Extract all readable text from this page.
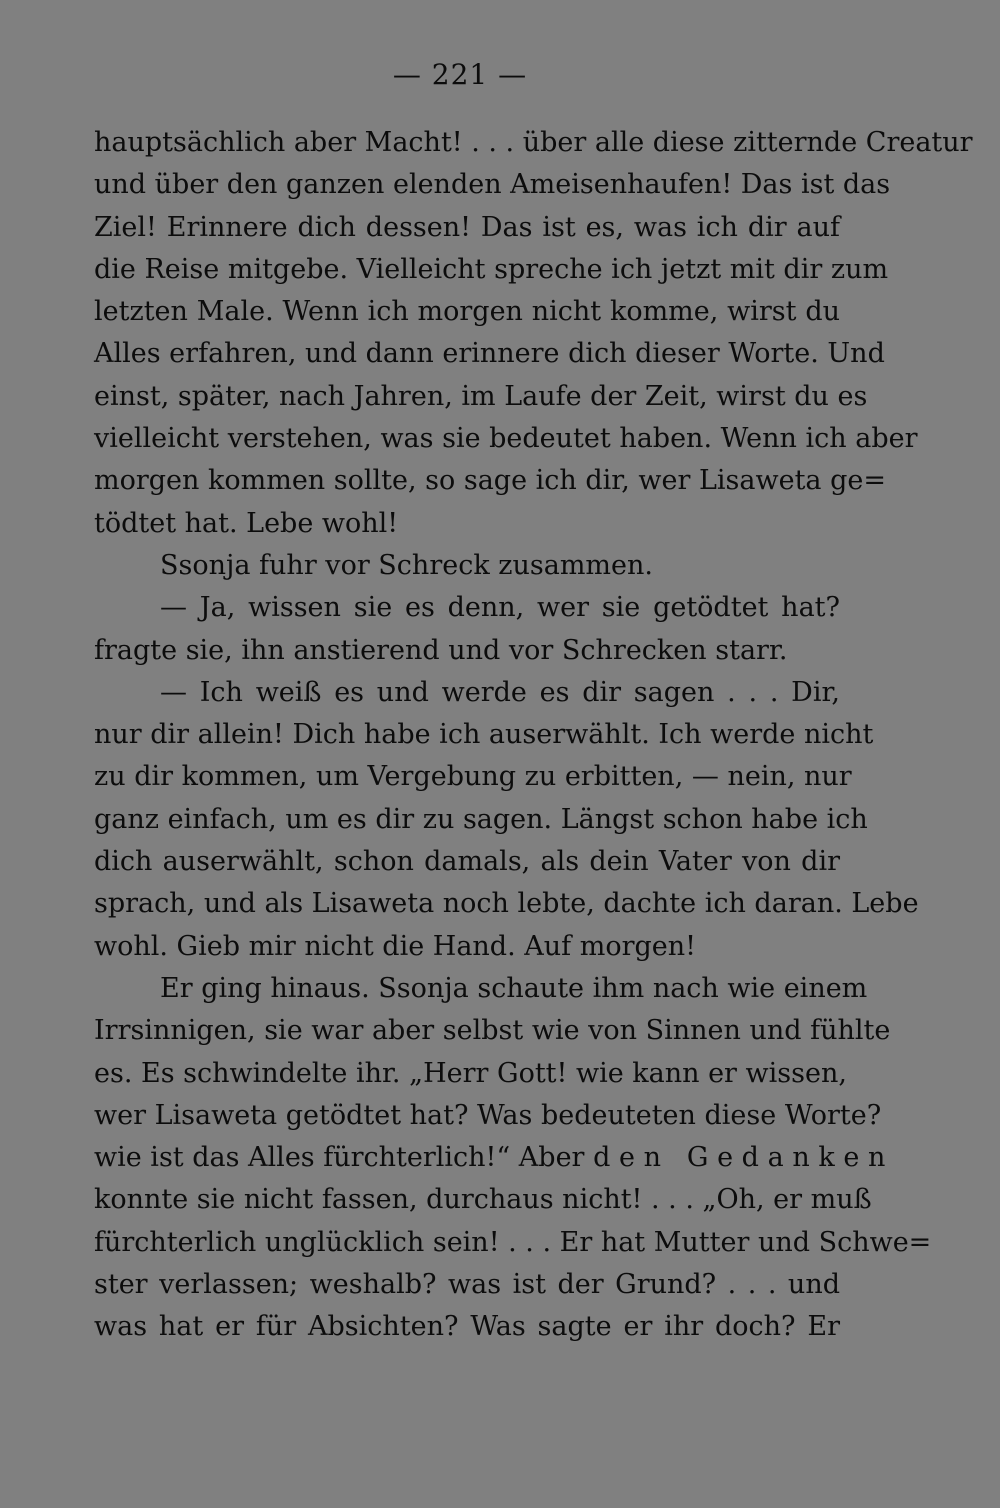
— 221 —
hauptsächlich aber Macht! . . . über alle diese zitternde Creatur
und über den ganzen elenden Ameisenhaufen! Das ist das
Ziel! Erinnere dich dessen! Das ist es, was ich dir auf
die Reise mitgebe. Vielleicht spreche ich jetzt mit dir zum
letzten Male. Wenn ich morgen nicht komme, wirst du
Alles erfahren, und dann erinnere dich dieser Worte. Und
einst, später, nach Jahren, im Laufe der Zeit, wirst du es
vielleicht verstehen, was sie bedeutet haben. Wenn ich aber
morgen kommen sollte, so sage ich dir, wer Lisaweta ge=
tödtet hat. Lebe wohl!
Ssonja fuhr vor Schreck zusammen.
— Ja, wissen sie es denn, wer sie getödtet hat?
fragte sie, ihn anstierend und vor Schrecken starr.
— Ich weiß es und werde es dir sagen . . . Dir,
nur dir allein! Dich habe ich auserwählt. Ich werde nicht
zu dir kommen, um Vergebung zu erbitten, — nein, nur
ganz einfach, um es dir zu sagen. Längst schon habe ich
dich auserwählt, schon damals, als dein Vater von dir
sprach, und als Lisaweta noch lebte, dachte ich daran. Lebe
wohl. Gieb mir nicht die Hand. Auf morgen!
Er ging hinaus. Ssonja schaute ihm nach wie einem
Irrsinnigen, sie war aber selbst wie von Sinnen und fühlte
es. Es schwindelte ihr. „Herr Gott! wie kann er wissen,
wer Lisaweta getödtet hat? Was bedeuteten diese Worte?
wie ist das Alles fürchterlich!“ Aber den Gedanken
konnte sie nicht fassen, durchaus nicht! . . . „Oh, er muß
fürchterlich unglücklich sein! . . . Er hat Mutter und Schwe=
ster verlassen; weshalb? was ist der Grund? . . . und
was hat er für Absichten? Was sagte er ihr doch? Er
